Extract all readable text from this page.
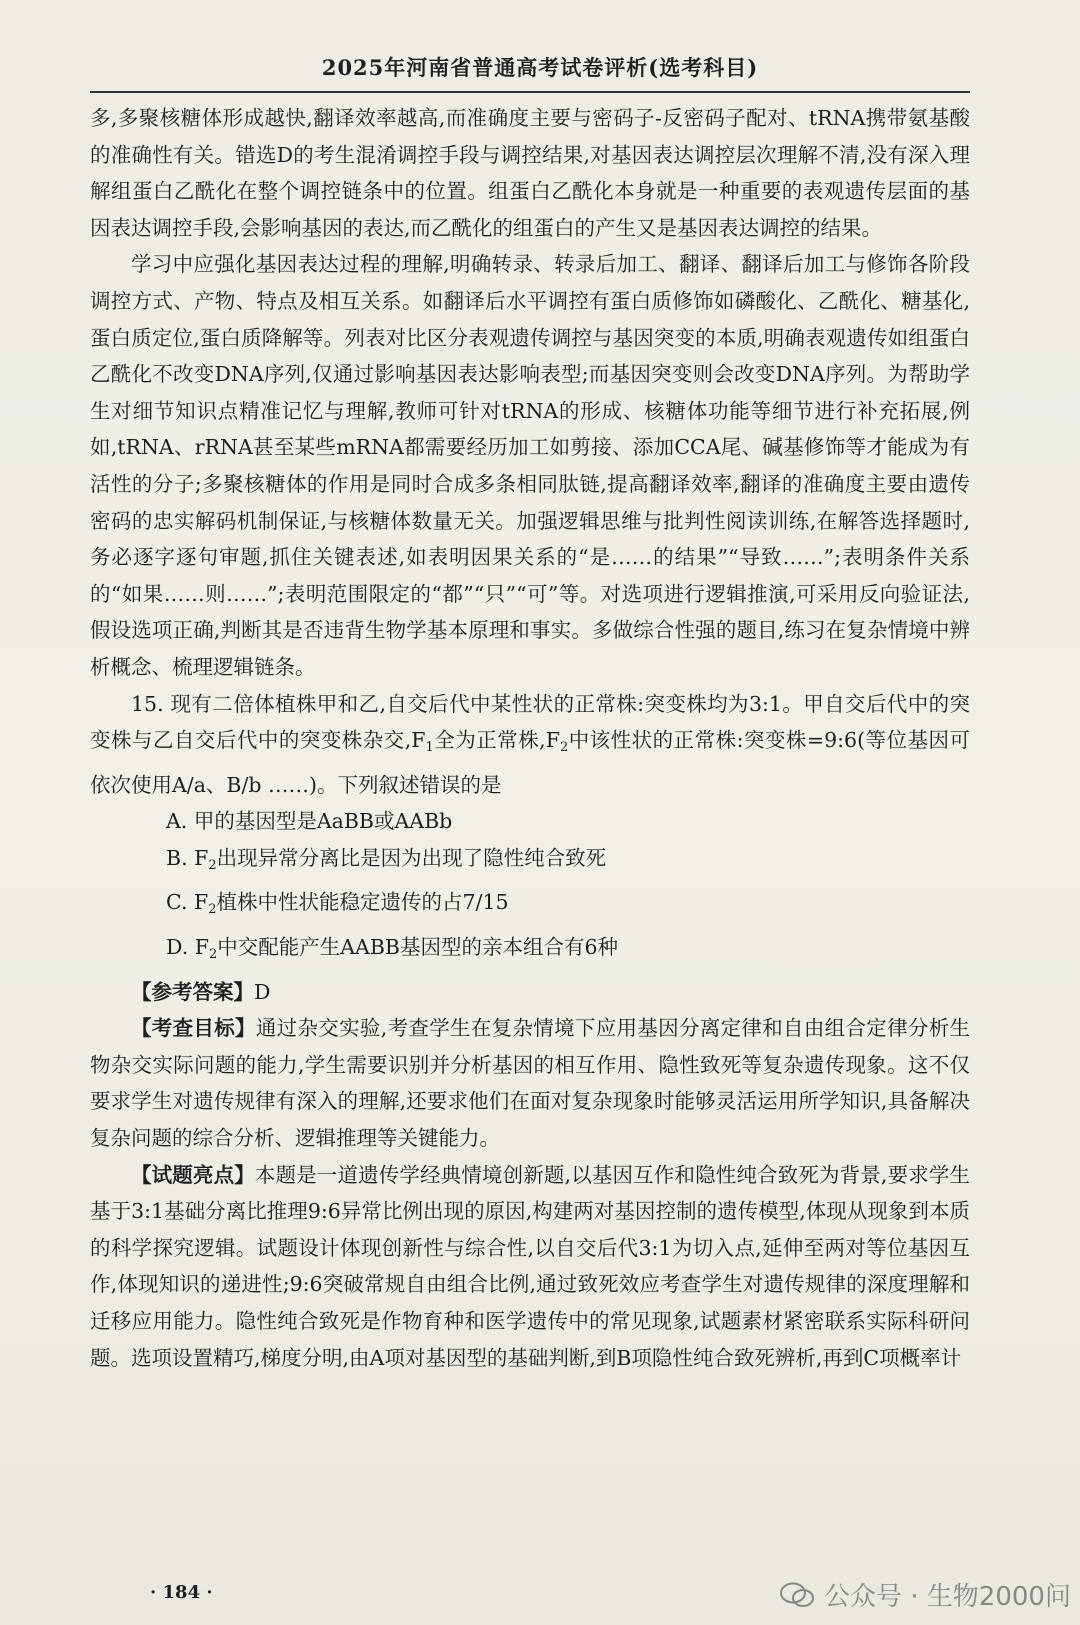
2025年河南省普通高考试卷评析(选考科目)

多,多聚核糖体形成越快,翻译效率越高,而准确度主要与密码子-反密码子配对、tRNA携带氨基酸的准确性有关。错选D的考生混淆调控手段与调控结果,对基因表达调控层次理解不清,没有深入理解组蛋白乙酰化在整个调控链条中的位置。组蛋白乙酰化本身就是一种重要的表观遗传层面的基因表达调控手段,会影响基因的表达,而乙酰化的组蛋白的产生又是基因表达调控的结果。

学习中应强化基因表达过程的理解,明确转录、转录后加工、翻译、翻译后加工与修饰各阶段调控方式、产物、特点及相互关系。如翻译后水平调控有蛋白质修饰如磷酸化、乙酰化、糖基化,蛋白质定位,蛋白质降解等。列表对比区分表观遗传调控与基因突变的本质,明确表观遗传如组蛋白乙酰化不改变DNA序列,仅通过影响基因表达影响表型;而基因突变则会改变DNA序列。为帮助学生对细节知识点精准记忆与理解,教师可针对tRNA的形成、核糖体功能等细节进行补充拓展,例如,tRNA、rRNA甚至某些mRNA都需要经历加工如剪接、添加CCA尾、碱基修饰等才能成为有活性的分子;多聚核糖体的作用是同时合成多条相同肽链,提高翻译效率,翻译的准确度主要由遗传密码的忠实解码机制保证,与核糖体数量无关。加强逻辑思维与批判性阅读训练,在解答选择题时,务必逐字逐句审题,抓住关键表述,如表明因果关系的“是……的结果”“导致……”;表明条件关系的“如果……则……”;表明范围限定的“都”“只”“可”等。对选项进行逻辑推演,可采用反向验证法,假设选项正确,判断其是否违背生物学基本原理和事实。多做综合性强的题目,练习在复杂情境中辨析概念、梳理逻辑链条。

15. 现有二倍体植株甲和乙,自交后代中某性状的正常株:突变株均为3:1。甲自交后代中的突变株与乙自交后代中的突变株杂交$,F_1$全为正常株$,F_2$中该性状的正常株:突变株=9:6(等位基因可依次使用A/a、B/b ……)。下列叙述错误的是

A. 甲的基因型是AaBB或AABb

B. $F_2$出现异常分离比是因为出现了隐性纯合致死

C. $F_2$植株中性状能稳定遗传的占7/15

D. $F_2$中交配能产生AABB基因型的亲本组合有6种

【参考答案】D

【考查目标】通过杂交实验,考查学生在复杂情境下应用基因分离定律和自由组合定律分析生物杂交实际问题的能力,学生需要识别并分析基因的相互作用、隐性致死等复杂遗传现象。这不仅要求学生对遗传规律有深入的理解,还要求他们在面对复杂现象时能够灵活运用所学知识,具备解决复杂问题的综合分析、逻辑推理等关键能力。

【试题亮点】本题是一道遗传学经典情境创新题,以基因互作和隐性纯合致死为背景,要求学生基于3:1基础分离比推理9:6异常比例出现的原因,构建两对基因控制的遗传模型,体现从现象到本质的科学探究逻辑。试题设计体现创新性与综合性,以自交后代3:1为切入点,延伸至两对等位基因互作,体现知识的递进性;9:6突破常规自由组合比例,通过致死效应考查学生对遗传规律的深度理解和迁移应用能力。隐性纯合致死是作物育种和医学遗传中的常见现象,试题素材紧密联系实际科研问题。选项设置精巧,梯度分明,由A项对基因型的基础判断,到B项隐性纯合致死辨析,再到C项概率计

· 184 ·	公众号 · 生物2000问
